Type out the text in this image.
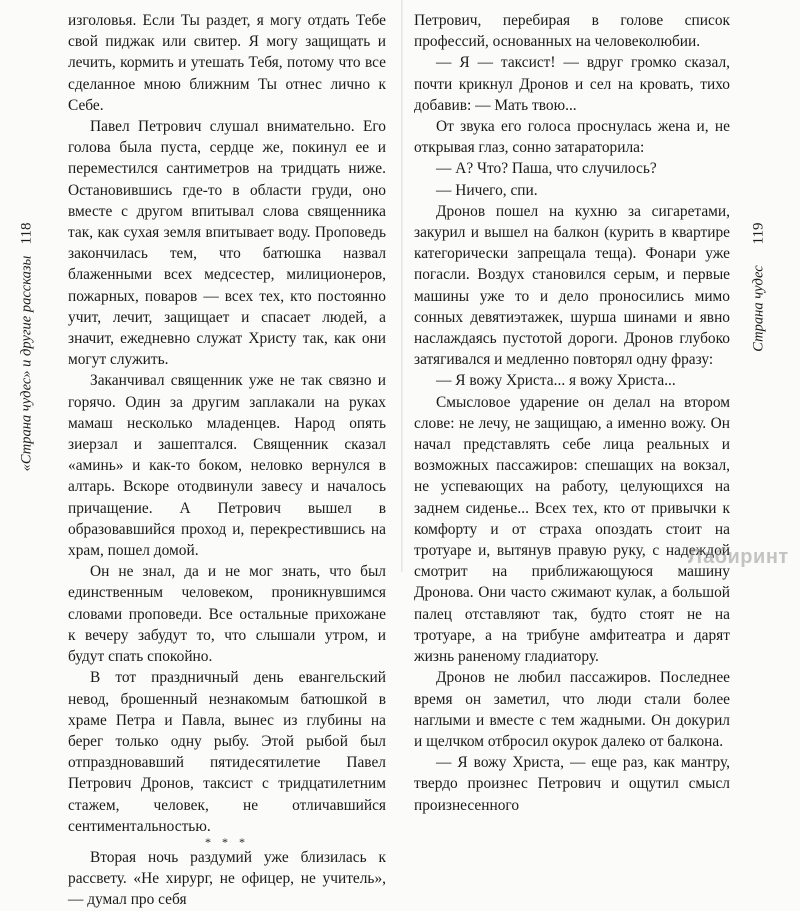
118
«Страна чудес» и другие рассказы

изголовья. Если Ты раздет, я могу отдать Тебе свой пиджак или свитер. Я могу защищать и лечить, кормить и утешать Тебя, потому что все сделанное мною ближним Ты отнес лично к Себе.

Павел Петрович слушал внимательно. Его голова была пуста, сердце же, покинул ее и переместился сантиметров на тридцать ниже. Остановившись где-то в области груди, оно вместе с другом впитывал слова священника так, как сухая земля впитывает воду. Проповедь закончилась тем, что батюшка назвал блаженными всех медсестер, милиционеров, пожарных, поваров — всех тех, кто постоянно учит, лечит, защищает и спасает людей, а значит, ежедневно служат Христу так, как они могут служить.

Заканчивал священник уже не так связно и горячо. Один за другим заплакали на руках мамаш несколько младенцев. Народ опять зиерзал и зашептался. Священник сказал «аминь» и как-то боком, неловко вернулся в алтарь. Вскоре отодвинули завесу и началось причащение. А Петрович вышел в образовавшийся проход и, перекрестившись на храм, пошел домой.

Он не знал, да и не мог знать, что был единственным человеком, проникнувшимся словами проповеди. Все остальные прихожане к вечеру забудут то, что слышали утром, и будут спать спокойно.

В тот праздничный день евангельский невод, брошенный незнакомым батюшкой в храме Петра и Павла, вынес из глубины на берег только одну рыбу. Этой рыбой был отпраздновавший пятидесятилетие Павел Петрович Дронов, таксист с тридцатилетним стажем, человек, не отличавшийся сентиментальностью.

* * *

Вторая ночь раздумий уже близилась к рассвету. «Не хирург, не офицер, не учитель», — думал про себя

Петрович, перебирая в голове список профессий, основанных на человеколюбии.

— Я — таксист! — вдруг громко сказал, почти крикнул Дронов и сел на кровать, тихо добавив: — Мать твою...

От звука его голоса проснулась жена и, не открывая глаз, сонно затараторила:

— А? Что? Паша, что случилось?

— Ничего, спи.

Дронов пошел на кухню за сигаретами, закурил и вышел на балкон (курить в квартире категорически запрещала теща). Фонари уже погасли. Воздух становился серым, и первые машины уже то и дело проносились мимо сонных девятиэтажек, шурша шинами и явно наслаждаясь пустотой дороги. Дронов глубоко затягивался и медленно повторял одну фразу:

— Я вожу Христа... я вожу Христа...

Смысловое ударение он делал на втором слове: не лечу, не защищаю, а именно вожу. Он начал представлять себе лица реальных и возможных пассажиров: спешащих на вокзал, не успевающих на работу, целующихся на заднем сиденье... Всех тех, кто от привычки к комфорту и от страха опоздать стоит на тротуаре и, вытянув правую руку, с надеждой смотрит на приближающуюся машину Дронова. Они часто сжимают кулак, а большой палец отставляют так, будто стоят не на тротуаре, а на трибуне амфитеатра и дарят жизнь раненому гладиатору.

Дронов не любил пассажиров. Последнее время он заметил, что люди стали более наглыми и вместе с тем жадными. Он докурил и щелчком отбросил окурок далеко от балкона.

— Я вожу Христа, — еще раз, как мантру, твердо произнес Петрович и ощутил смысл произнесенного

119
Страна чудес
Лабиринт
